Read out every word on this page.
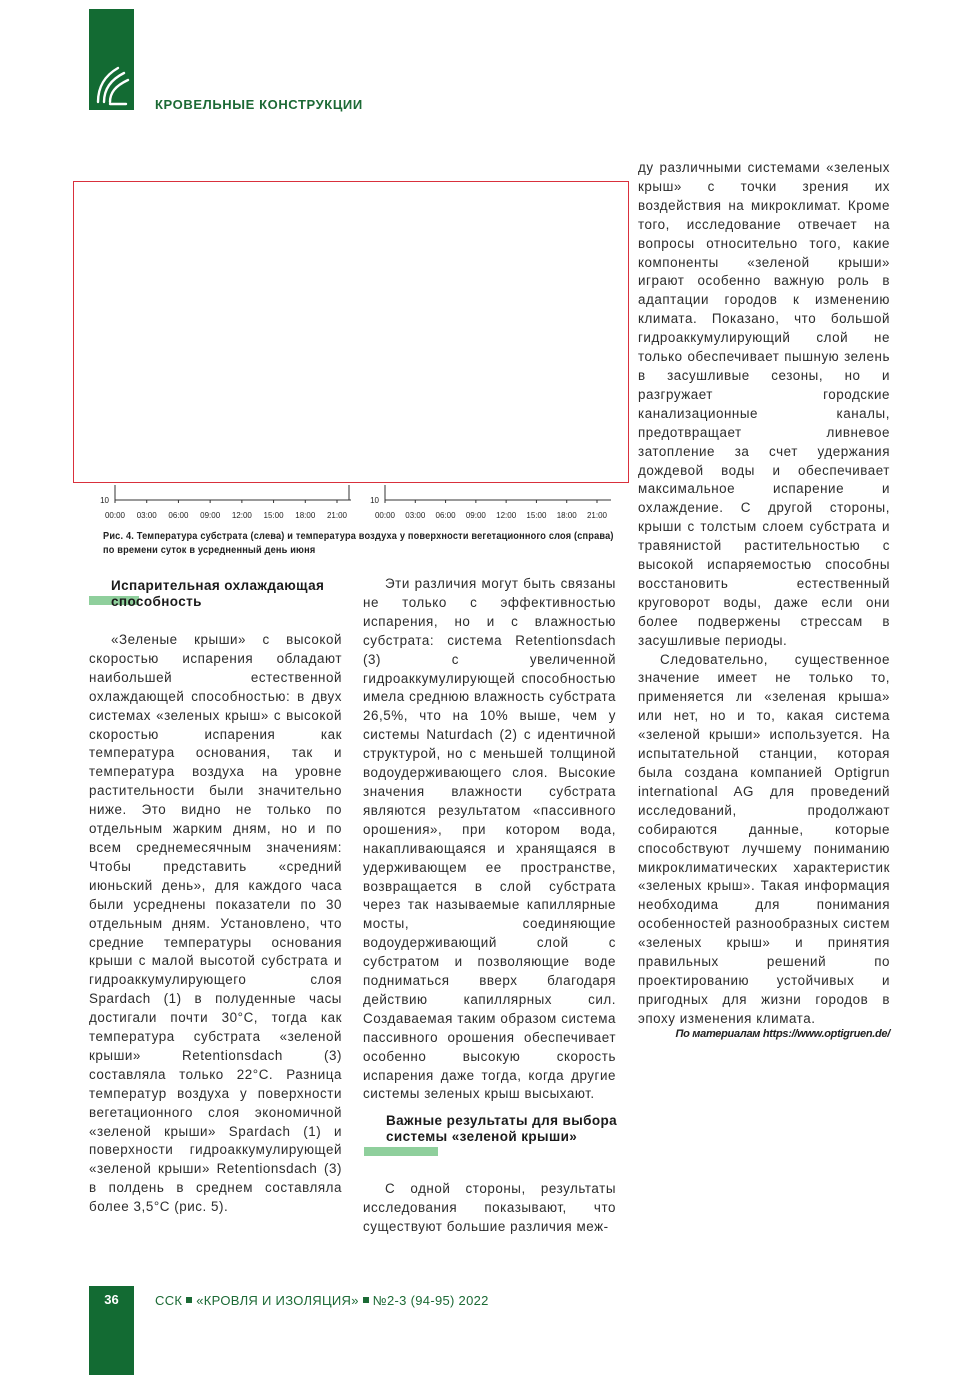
КРОВЕЛЬНЫЕ КОНСТРУКЦИИ
10
00:00 03:00 06:00 09:00 12:00 15:00 18:00 21:00
10
00:00 03:00 06:00 09:00 12:00 15:00 18:00 21:00
Рис. 4. Температура субстрата (слева) и температура воздуха у поверхности вегетационного слоя (справа) по времени суток в усредненный день июня
Испарительная охлаждающая способность

«Зеленые крыши» с высокой скоростью испарения обладают наибольшей естественной охлаждающей способностью: в двух системах «зеленых крыш» с высокой скоростью испарения как температура основания, так и температура воздуха на уровне растительности были значительно ниже. Это видно не только по отдельным жарким дням, но и по всем среднемесячным значениям: Чтобы представить «средний июньский день», для каждого часа были усреднены показатели по 30 отдельным дням. Установлено, что средние температуры основания крыши с малой высотой субстрата и гидроаккумулирующего слоя Spardach (1) в полуденные часы достигали почти 30°C, тогда как температура субстрата «зеленой крыши» Retentionsdach (3) составляла только 22°C. Разница температур воздуха у поверхности вегетационного слоя экономичной «зеленой крыши» Spardach (1) и поверхности гидроаккумулирующей «зеленой крыши» Retentionsdach (3) в полдень в среднем составляла более 3,5°C (рис. 5).

Эти различия могут быть связаны не только с эффективностью испарения, но и с влажностью субстрата: система Retentionsdach (3) с увеличенной гидроаккумулирующей способностью имела среднюю влажность субстрата 26,5%, что на 10% выше, чем у системы Naturdach (2) с идентичной структурой, но с меньшей толщиной водоудерживающего слоя. Высокие значения влажности субстрата являются результатом «пассивного орошения», при котором вода, накапливающаяся и хранящаяся в удерживающем ее пространстве, возвращается в слой субстрата через так называемые капиллярные мосты, соединяющие водоудерживающий слой с субстратом и позволяющие воде подниматься вверх благодаря действию капиллярных сил. Создаваемая таким образом система пассивного орошения обеспечивает особенно высокую скорость испарения даже тогда, когда другие системы зеленых крыш высыхают.

Важные результаты для выбора системы «зеленой крыши»

С одной стороны, результаты исследования показывают, что существуют большие различия меж-

ду различными системами «зеленых крыш» с точки зрения их воздействия на микроклимат. Кроме того, исследование отвечает на вопросы относительно того, какие компоненты «зеленой крыши» играют особенно важную роль в адаптации городов к изменению климата. Показано, что большой гидроаккумулирующий слой не только обеспечивает пышную зелень в засушливые сезоны, но и разгружает городские канализационные каналы, предотвращает ливневое затопление за счет удержания дождевой воды и обеспечивает максимальное испарение и охлаждение. С другой стороны, крыши с толстым слоем субстрата и травянистой растительностью с высокой испаряемостью способны восстановить естественный круговорот воды, даже если они более подвержены стрессам в засушливые периоды.

Следовательно, существенное значение имеет не только то, применяется ли «зеленая крыша» или нет, но и то, какая система «зеленой крыши» используется. На испытательной станции, которая была создана компанией Optigrun international AG для проведений исследований, продолжают собираются данные, которые способствуют лучшему пониманию микроклиматических характеристик «зеленых крыш». Такая информация необходима для понимания особенностей разнообразных систем «зеленых крыш» и принятия правильных решений по проектированию устойчивых и пригодных для жизни городов в эпоху изменения климата.

По материалам https://www.optigruen.de/
36	ССК «КРОВЛЯ И ИЗОЛЯЦИЯ» №2-3 (94-95) 2022
